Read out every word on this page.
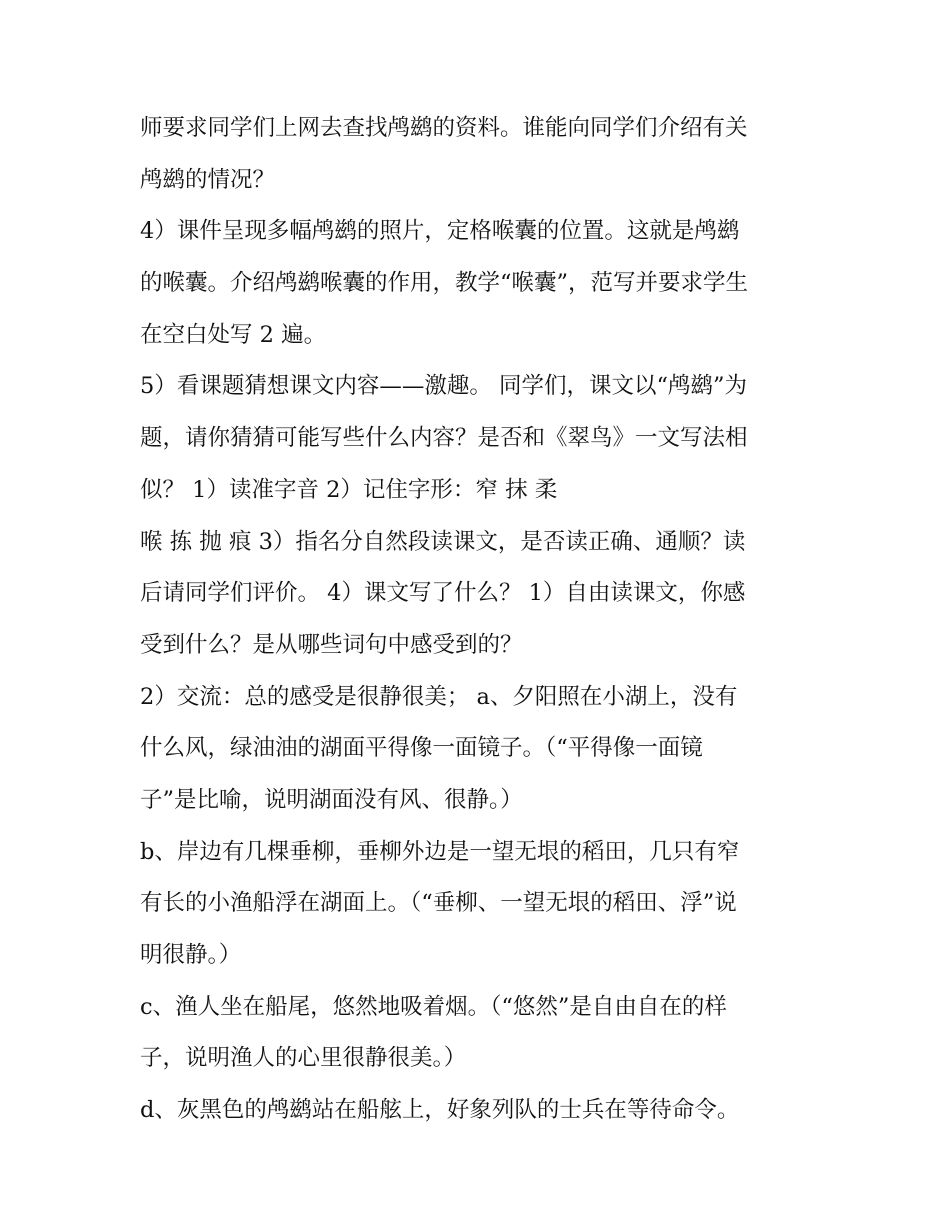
师要求同学们上网去查找鸬鹚的资料。谁能向同学们介绍有关
鸬鹚的情况？
4）课件呈现多幅鸬鹚的照片，定格喉囊的位置。这就是鸬鹚
的喉囊。介绍鸬鹚喉囊的作用，教学“喉囊”，范写并要求学生
在空白处写 2 遍。
5）看课题猜想课文内容——激趣。 同学们，课文以“鸬鹚”为
题，请你猜猜可能写些什么内容？是否和《翠鸟》一文写法相
似？ 1）读准字音 2）记住字形：窄 抹 柔
喉 拣 抛 痕 3）指名分自然段读课文，是否读正确、通顺？读
后请同学们评价。 4）课文写了什么？ 1）自由读课文，你感
受到什么？是从哪些词句中感受到的？
2）交流：总的感受是很静很美； a、夕阳照在小湖上，没有
什么风，绿油油的湖面平得像一面镜子。（“平得像一面镜
子”是比喻，说明湖面没有风、很静。）
b、岸边有几棵垂柳，垂柳外边是一望无垠的稻田，几只有窄
有长的小渔船浮在湖面上。（“垂柳、一望无垠的稻田、浮”说
明很静。）
c、渔人坐在船尾，悠然地吸着烟。（“悠然”是自由自在的样
子，说明渔人的心里很静很美。）
d、灰黑色的鸬鹚站在船舷上，好象列队的士兵在等待命令。
